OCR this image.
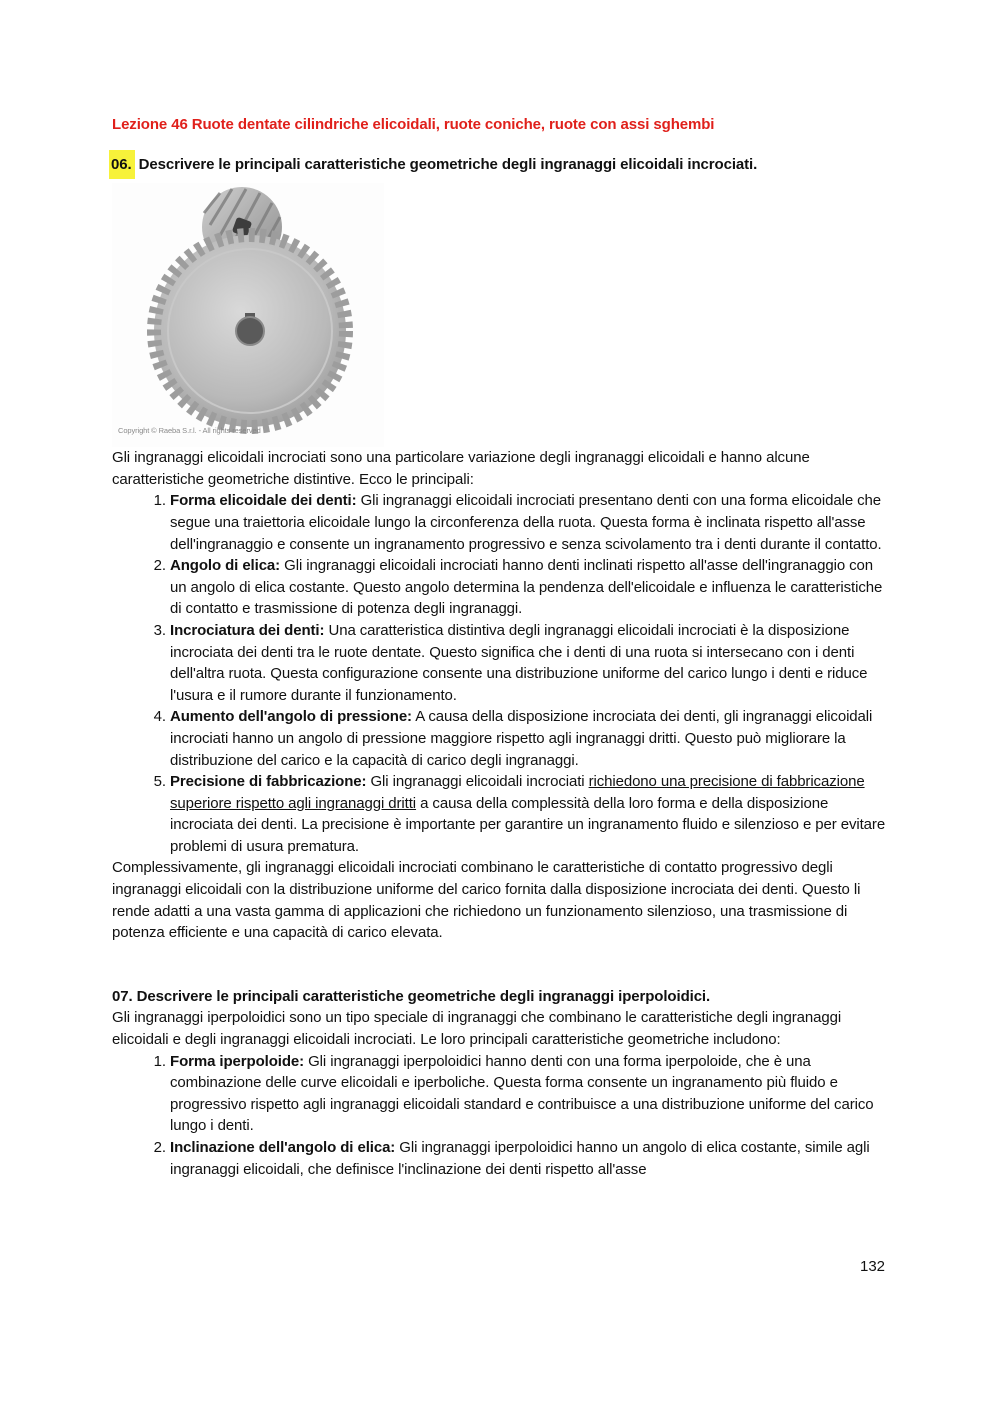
Lezione 46 Ruote dentate cilindriche elicoidali, ruote coniche, ruote con assi sghembi
06. Descrivere le principali caratteristiche geometriche degli ingranaggi elicoidali incrociati.
Copyright © Raeba S.r.l. - All rights reserved

Gli ingranaggi elicoidali incrociati sono una particolare variazione degli ingranaggi elicoidali e hanno alcune caratteristiche geometriche distintive. Ecco le principali:

1. Forma elicoidale dei denti: Gli ingranaggi elicoidali incrociati presentano denti con una forma elicoidale che segue una traiettoria elicoidale lungo la circonferenza della ruota. Questa forma è inclinata rispetto all'asse dell'ingranaggio e consente un ingranamento progressivo e senza scivolamento tra i denti durante il contatto.
2. Angolo di elica: Gli ingranaggi elicoidali incrociati hanno denti inclinati rispetto all'asse dell'ingranaggio con un angolo di elica costante. Questo angolo determina la pendenza dell'elicoidale e influenza le caratteristiche di contatto e trasmissione di potenza degli ingranaggi.
3. Incrociatura dei denti: Una caratteristica distintiva degli ingranaggi elicoidali incrociati è la disposizione incrociata dei denti tra le ruote dentate. Questo significa che i denti di una ruota si intersecano con i denti dell'altra ruota. Questa configurazione consente una distribuzione uniforme del carico lungo i denti e riduce l'usura e il rumore durante il funzionamento.
4. Aumento dell'angolo di pressione: A causa della disposizione incrociata dei denti, gli ingranaggi elicoidali incrociati hanno un angolo di pressione maggiore rispetto agli ingranaggi dritti. Questo può migliorare la distribuzione del carico e la capacità di carico degli ingranaggi.
5. Precisione di fabbricazione: Gli ingranaggi elicoidali incrociati richiedono una precisione di fabbricazione superiore rispetto agli ingranaggi dritti a causa della complessità della loro forma e della disposizione incrociata dei denti. La precisione è importante per garantire un ingranamento fluido e silenzioso e per evitare problemi di usura prematura.

Complessivamente, gli ingranaggi elicoidali incrociati combinano le caratteristiche di contatto progressivo degli ingranaggi elicoidali con la distribuzione uniforme del carico fornita dalla disposizione incrociata dei denti. Questo li rende adatti a una vasta gamma di applicazioni che richiedono un funzionamento silenzioso, una trasmissione di potenza efficiente e una capacità di carico elevata.

07. Descrivere le principali caratteristiche geometriche degli ingranaggi iperpoloidici.

Gli ingranaggi iperpoloidici sono un tipo speciale di ingranaggi che combinano le caratteristiche degli ingranaggi elicoidali e degli ingranaggi elicoidali incrociati. Le loro principali caratteristiche geometriche includono:

1. Forma iperpoloide: Gli ingranaggi iperpoloidici hanno denti con una forma iperpoloide, che è una combinazione delle curve elicoidali e iperboliche. Questa forma consente un ingranamento più fluido e progressivo rispetto agli ingranaggi elicoidali standard e contribuisce a una distribuzione uniforme del carico lungo i denti.
2. Inclinazione dell'angolo di elica: Gli ingranaggi iperpoloidici hanno un angolo di elica costante, simile agli ingranaggi elicoidali, che definisce l'inclinazione dei denti rispetto all'asse
132
